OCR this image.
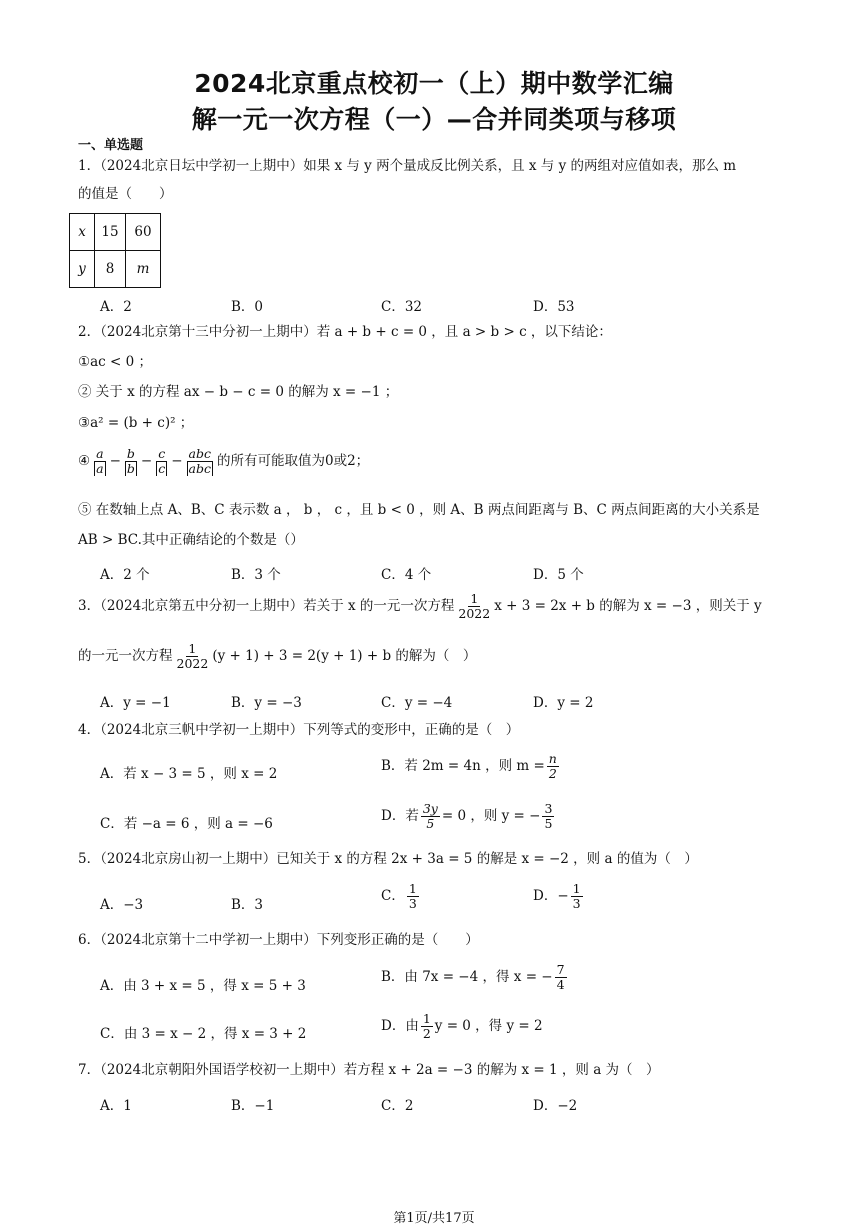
2024北京重点校初一（上）期中数学汇编
解一元一次方程（一）—合并同类项与移项
一、单选题
1．（2024北京日坛中学初一上期中）如果 x 与 y 两个量成反比例关系，且 x 与 y 的两组对应值如表，那么 m
的值是（　　）
x	15	60
y	8	m
A．2	B．0	C．32	D．53
2．（2024北京第十三中分初一上期中）若 a + b + c = 0 ，且 a > b > c ，以下结论：
①ac < 0 ；
② 关于 x 的方程 ax − b − c = 0 的解为 x = −1 ；
③a² = (b + c)² ；
④ $\frac{a}{a} - \frac{b}{b} - \frac{c}{c} - \frac{\text{abc}}{\text{abc}}$ 的所有可能取值为0或2；
⑤ 在数轴上点 A、B、C 表示数 a ， b ， c ，且 b < 0 ，则 A、B 两点间距离与 B、C 两点间距离的大小关系是
AB > BC.其中正确结论的个数是（）
A．2 个	B．3 个	C．4 个	D．5 个
3．（2024北京第五中分初一上期中）若关于 x 的一元一次方程 $\frac{1}{2022}$ x + 3 = 2x + b 的解为 x = −3 ，则关于 y
的一元一次方程 $\frac{1}{2022} (y + 1) + 3 = 2(y + 1) + b$ 的解为（　）
A．y = −1	B．y = −3	C．y = −4	D．y = 2
4．（2024北京三帆中学初一上期中）下列等式的变形中，正确的是（　）
A．若 x − 3 = 5 ，则 x = 2
B．若 2m = 4n ，则 $m = \frac{n}{2}$
C．若 −a = 6 ，则 a = −6
D．若 $\frac{3y}{5} = 0$ ，则 y = − $\frac{3}{5}$
5．（2024北京房山初一上期中）已知关于 x 的方程 2x + 3a = 5 的解是 x = −2 ，则 a 的值为（　）
A．−3	B．3
C． $\frac{1}{3}$	D．− $\frac{1}{3}$
6．（2024北京第十二中学初一上期中）下列变形正确的是（　　）
A．由 3 + x = 5 ，得 x = 5 + 3
B．由 7x = −4 ，得 x = − $\frac{7}{4}$
C．由 3 = x − 2 ，得 x = 3 + 2
D．由 $\frac{1}{2}$ y = 0 ，得 y = 2
7．（2024北京朝阳外国语学校初一上期中）若方程 x + 2a = −3 的解为 x = 1 ，则 a 为（　）
A．1	B．−1	C．2	D．−2
第1页/共17页
